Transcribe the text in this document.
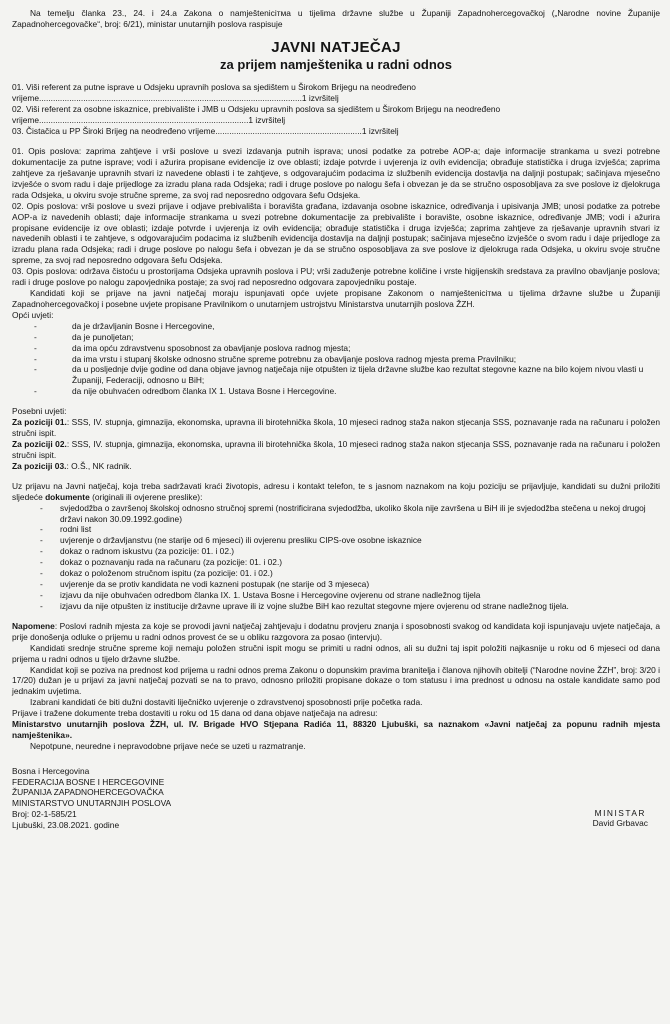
Na temelju članka 23., 24. i 24.a Zakona o namješteniciтма u tijelima državne službe u Županiji Zapadnohercegovačkoj („Narodne novine Županije Zapadnohercegovačke“, broj: 6/21), ministar unutarnjih poslova raspisuje

JAVNI NATJEČAJ
za prijem namještenika u radni odnos

01. Viši referent za putne isprave u Odsjeku upravnih poslova sa sjedištem u Širokom Brijegu na neodređeno vrijeme.................................................................................................................1 izvršitelj

02. Viši referent za osobne iskaznice, prebivalište i JMB u Odsjeku upravnih poslova sa sjedištem u Širokom Brijegu na neodređeno vrijeme..........................................................................................1 izvršitelj

03. Čistačica u PP Široki Brijeg na neodređeno vrijeme...............................................................1 izvršitelj

01. Opis poslova: zaprima zahtjeve i vrši poslove u svezi izdavanja putnih isprava; unosi podatke za potrebe AOP-a; daje informacije strankama u svezi potrebne dokumentacije za putne isprave; vodi i ažurira propisane evidencije iz ove oblasti; izdaje potvrde i uvjerenja iz ovih evidencija; obrađuje statistička i druga izvješća; zaprima zahtjeve za rješavanje upravnih stvari iz navedene oblasti i te zahtjeve, s odgovarajućim podacima iz službenih evidencija dostavlja na daljnji postupak; sačinjava mjesečno izvješće o svom radu i daje prijedloge za izradu plana rada Odsjeka; radi i druge poslove po nalogu šefa i obvezan je da se stručno osposobljava za sve poslove iz djelokruga rada Odsjeka, u okviru svoje stručne spreme, za svoj rad neposredno odgovara šefu Odsjeka.

02. Opis poslova: vrši poslove u svezi prijave i odjave prebivališta i boravišta građana, izdavanja osobne iskaznice, određivanja i upisivanja JMB; unosi podatke za potrebe AOP-a iz navedenih oblasti; daje informacije strankama u svezi potrebne dokumentacije za prebivalište i boravište, osobne iskaznice, određivanje JMB; vodi i ažurira propisane evidencije iz ove oblasti; izdaje potvrde i uvjerenja iz ovih evidencija; obrađuje statistička i druga izvješća; zaprima zahtjeve za rješavanje upravnih stvari iz navedenih oblasti i te zahtjeve, s odgovarajućim podacima iz službenih evidencija dostavlja na daljnji postupak; sačinjava mjesečno izvješće o svom radu i daje prijedloge za izradu plana rada Odsjeka; radi i druge poslove po nalogu šefa i obvezan je da se stručno osposobljava za sve poslove iz djelokruga rada Odsjeka, u okviru svoje stručne spreme, za svoj rad neposredno odgovara šefu Odsjeka.

03. Opis poslova: održava čistoću u prostorijama Odsjeka upravnih poslova i PU; vrši zaduženje potrebne količine i vrste higijenskih sredstava za pravilno obavljanje poslova; radi i druge poslove po nalogu zapovjednika postaje; za svoj rad neposredno odgovara zapovjedniku postaje.

Kandidati koji se prijave na javni natječaj moraju ispunjavati opće uvjete propisane Zakonom o namješteniciтма u tijelima državne službe u Županiji Zapadnohercegovačkoj i posebne uvjete propisane Pravilnikom o unutarnjem ustrojstvu Ministarstva unutarnjih poslova ŽZH.

Opći uvjeti:

- da je državljanin Bosne i Hercegovine,
- da je punoljetan;
- da ima opću zdravstvenu sposobnost za obavljanje poslova radnog mjesta;
- da ima vrstu i stupanj školske odnosno stručne spreme potrebnu za obavljanje poslova radnog mjesta prema Pravilniku;
- da u posljednje dvije godine od dana objave javnog natječaja nije otpušten iz tijela državne službe kao rezultat stegovne kazne na bilo kojem nivou vlasti u Županiji, Federaciji, odnosno u BiH;
- da nije obuhvaćen odredbom članka IX 1. Ustava Bosne i Hercegovine.

Posebni uvjeti:

Za poziciji 01.: SSS, IV. stupnja, gimnazija, ekonomska, upravna ili birotehnička škola, 10 mjeseci radnog staža nakon stjecanja SSS, poznavanje rada na računaru i položen stručni ispit.

Za poziciji 02.: SSS, IV. stupnja, gimnazija, ekonomska, upravna ili birotehnička škola, 10 mjeseci radnog staža nakon stjecanja SSS, poznavanje rada na računaru i položen stručni ispit.

Za poziciji 03.: O.Š., NK radnik.

Uz prijavu na Javni natječaj, koja treba sadržavati kraći životopis, adresu i kontakt telefon, te s jasnom naznakom na koju poziciju se prijavljuje, kandidati su dužni priložiti sljedeće dokumente (originali ili ovjerene preslike):

- svjedodžba o završenoj školskoj odnosno stručnoj spremi (nostrificirana svjedodžba, ukoliko škola nije završena u BiH ili je svjedodžba stečena u nekoj drugoj državi nakon 30.09.1992.godine)
- rodni list
- uvjerenje o državljanstvu (ne starije od 6 mjeseci) ili ovjerenu presliku CIPS-ove osobne iskaznice
- dokaz o radnom iskustvu (za pozicije: 01. i 02.)
- dokaz o poznavanju rada na računaru (za pozicije: 01. i 02.)
- dokaz o položenom stručnom ispitu (za pozicije: 01. i 02.)
- uvjerenje da se protiv kandidata ne vodi kazneni postupak (ne starije od 3 mjeseca)
- izjavu da nije obuhvaćen odredbom članka IX. 1. Ustava Bosne i Hercegovine ovjerenu od strane nadležnog tijela
- izjavu da nije otpušten iz institucije državne uprave ili iz vojne službe BiH kao rezultat stegovne mjere ovjerenu od strane nadležnog tijela.

Napomene: Poslovi radnih mjesta za koje se provodi javni natječaj zahtjevaju i dodatnu provjeru znanja i sposobnosti svakog od kandidata koji ispunjavaju uvjete natječaja, a prije donošenja odluke o prijemu u radni odnos provest će se u obliku razgovora za posao (intervju).

Kandidati srednje stručne spreme koji nemaju položen stručni ispit mogu se primiti u radni odnos, ali su dužni taj ispit položiti najkasnije u roku od 6 mjeseci od dana prijema u radni odnos u tijelo državne službe.

Kandidat koji se poziva na prednost kod prijema u radni odnos prema Zakonu o dopunskim pravima branitelja i članova njihovih obitelji (“Narodne novine ŽZH”, broj: 3/20 i 17/20) dužan je u prijavi za javni natječaj pozvati se na to pravo, odnosno priložiti propisane dokaze o tom statusu i ima prednost u odnosu na ostale kandidate samo pod jednakim uvjetima.

Izabrani kandidati će biti dužni dostaviti liječničko uvjerenje o zdravstvenoj sposobnosti prije početka rada.

Prijave i tražene dokumente treba dostaviti u roku od 15 dana od dana objave natječaja na adresu:

Ministarstvo unutarnjih poslova ŽZH, ul. IV. Brigade HVO Stjepana Radića 11, 88320 Ljubuški, sa naznakom «Javni natječaj za popunu radnih mjesta namještenika».

Nepotpune, neuredne i nepravodobne prijave neće se uzeti u razmatranje.

Bosna i Hercegovina
FEDERACIJA BOSNE I HERCEGOVINE
ŽUPANIJA ZAPADNOHERCEGOVAČKA
MINISTARSTVO UNUTARNJIH POSLOVA
Broj: 02-1-585/21
Ljubuški, 23.08.2021. godine
MINISTAR
David Grbavac
